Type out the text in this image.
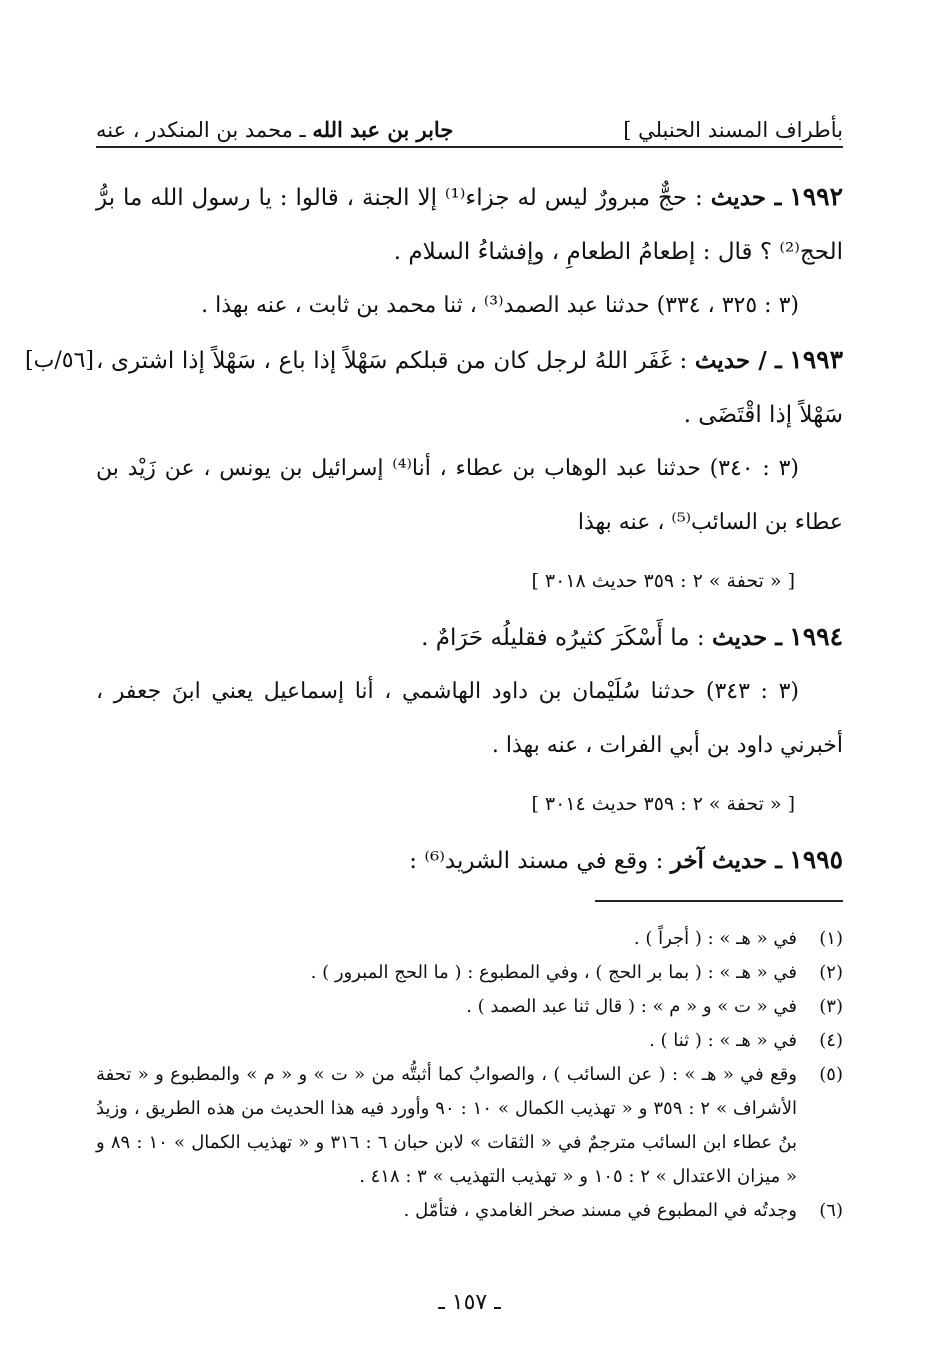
بأطراف المسند الحنبلي ]
جابر بن عبد الله ـ محمد بن المنكدر ، عنه
[٥٦/ب]

١٩٩٢ ـ حديث : حجٌّ مبرورٌ ليس له جزاء⁽¹⁾ إلا الجنة ، قالوا : يا رسول الله ما برُّ الحج⁽²⁾ ؟ قال : إطعامُ الطعامِ ، وإفشاءُ السلام .

(٣ : ٣٢٥ ، ٣٣٤) حدثنا عبد الصمد⁽³⁾ ، ثنا محمد بن ثابت ، عنه بهذا .

١٩٩٣ ـ / حديث : غَفَر اللهُ لرجل كان من قبلكم سَهْلاً إذا باع ، سَهْلاً إذا اشترى ، سَهْلاً إذا اقْتَضَى .

(٣ : ٣٤٠) حدثنا عبد الوهاب بن عطاء ، أنا⁽⁴⁾ إسرائيل بن يونس ، عن زَيْد بن عطاء بن السائب⁽⁵⁾ ، عنه بهذا

[ « تحفة » ٢ : ٣٥٩ حديث ٣٠١٨ ]

١٩٩٤ ـ حديث : ما أَسْكَرَ كثيرُه فقليلُه حَرَامٌ .

(٣ : ٣٤٣) حدثنا سُلَيْمان بن داود الهاشمي ، أنا إسماعيل يعني ابنَ جعفر ، أخبرني داود بن أبي الفرات ، عنه بهذا .

[ « تحفة » ٢ : ٣٥٩ حديث ٣٠١٤ ]

١٩٩٥ ـ حديث آخر : وقع في مسند الشريد⁽⁶⁾ :

(١)
في « هـ » : ( أجراً ) .

(٢)
في « هـ » : ( بما بر الحج ) ، وفي المطبوع : ( ما الحج المبرور ) .

(٣)
في « ت » و « م » : ( قال ثنا عبد الصمد ) .

(٤)
في « هـ » : ( ثنا ) .

(٥)
وقع في « هـ » : ( عن السائب ) ، والصوابُ كما أثبتُّه من « ت » و « م » والمطبوع و « تحفة الأشراف » ٢ : ٣٥٩ و « تهذيب الكمال » ١٠ : ٩٠ وأورد فيه هذا الحديث من هذه الطريق ، وزيدُ بنُ عطاء ابن السائب مترجمٌ في « الثقات » لابن حبان ٦ : ٣١٦ و « تهذيب الكمال » ١٠ : ٨٩ و « ميزان الاعتدال » ٢ : ١٠٥ و « تهذيب التهذيب » ٣ : ٤١٨ .

(٦)
وجدتُه في المطبوع في مسند صخر الغامدي ، فتأمّل .

ـ ١٥٧ ـ
